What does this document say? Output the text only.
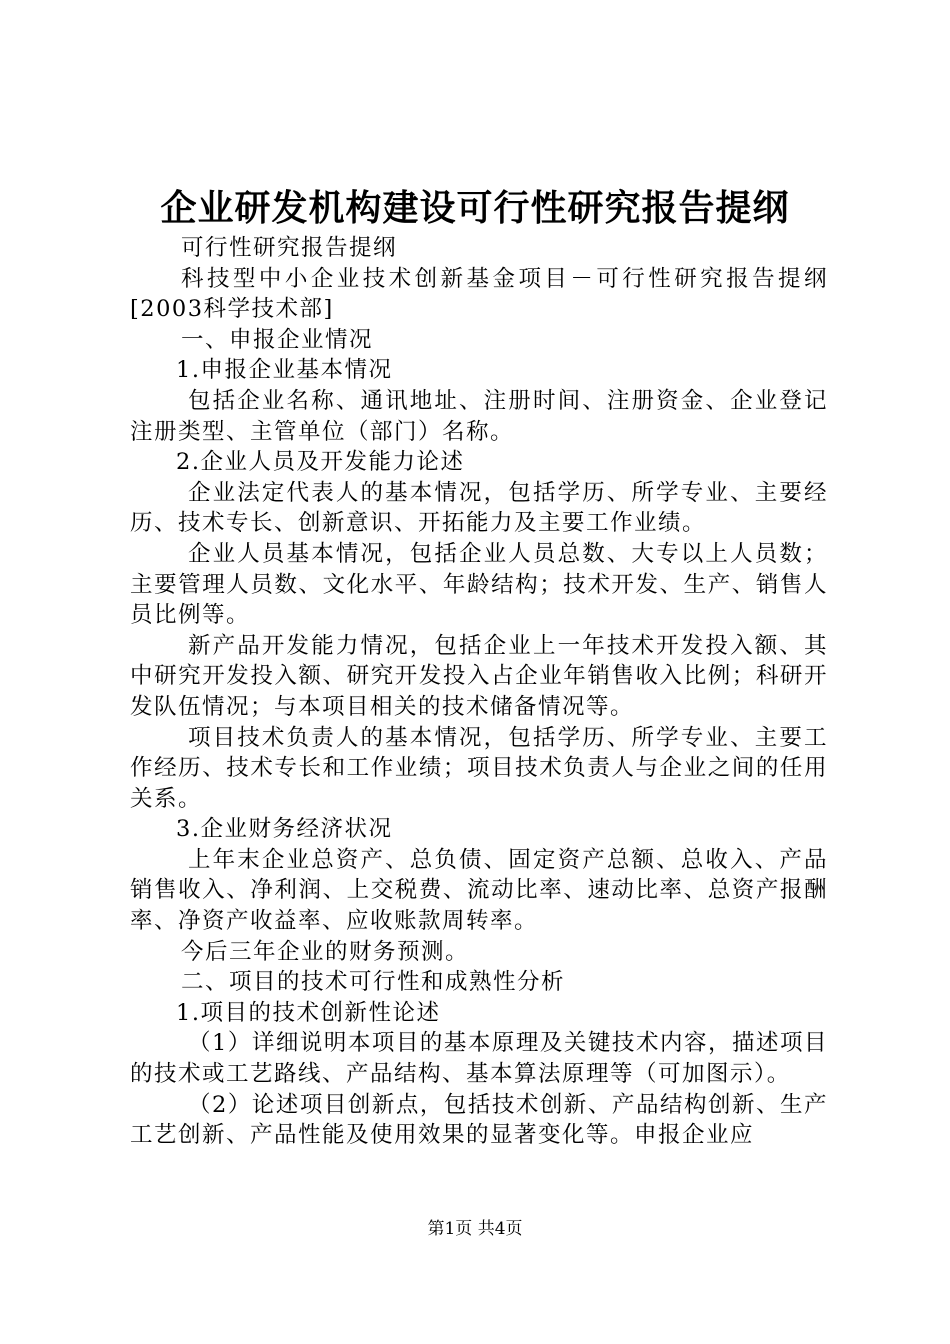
企业研发机构建设可行性研究报告提纲

可行性研究报告提纲

科技型中小企业技术创新基金项目－可行性研究报告提纲[2003科学技术部]

一、申报企业情况

1.申报企业基本情况

包括企业名称、通讯地址、注册时间、注册资金、企业登记注册类型、主管单位（部门）名称。

2.企业人员及开发能力论述

企业法定代表人的基本情况，包括学历、所学专业、主要经历、技术专长、创新意识、开拓能力及主要工作业绩。

企业人员基本情况，包括企业人员总数、大专以上人员数；主要管理人员数、文化水平、年龄结构；技术开发、生产、销售人员比例等。

新产品开发能力情况，包括企业上一年技术开发投入额、其中研究开发投入额、研究开发投入占企业年销售收入比例；科研开发队伍情况；与本项目相关的技术储备情况等。

项目技术负责人的基本情况，包括学历、所学专业、主要工作经历、技术专长和工作业绩；项目技术负责人与企业之间的任用关系。

3.企业财务经济状况

上年末企业总资产、总负债、固定资产总额、总收入、产品销售收入、净利润、上交税费、流动比率、速动比率、总资产报酬率、净资产收益率、应收账款周转率。

今后三年企业的财务预测。

二、项目的技术可行性和成熟性分析

1.项目的技术创新性论述

（1）详细说明本项目的基本原理及关键技术内容，描述项目的技术或工艺路线、产品结构、基本算法原理等（可加图示）。

（2）论述项目创新点，包括技术创新、产品结构创新、生产工艺创新、产品性能及使用效果的显著变化等。申报企业应

第1页 共4页
